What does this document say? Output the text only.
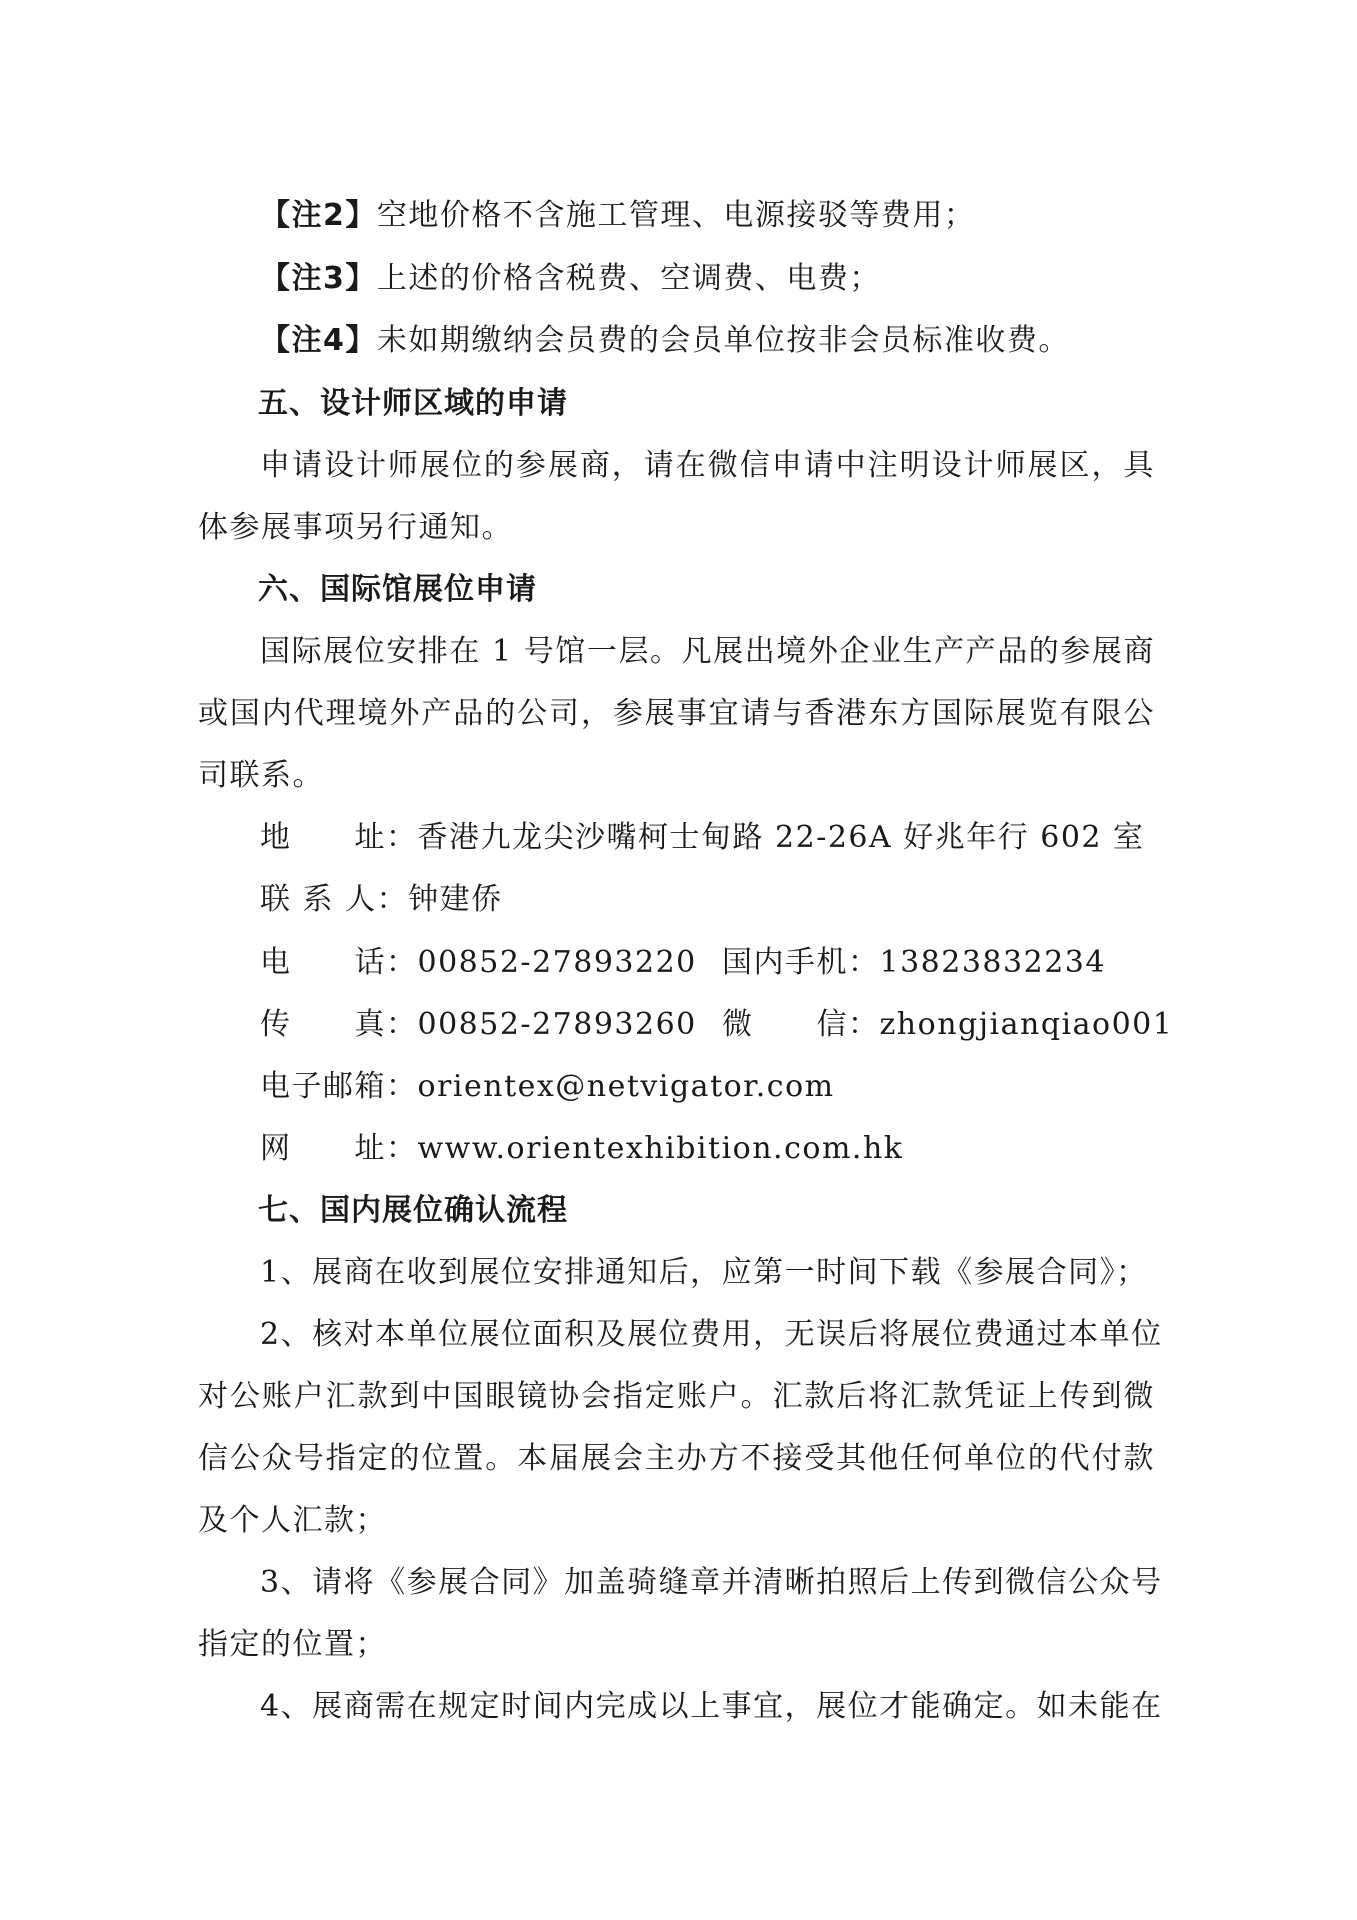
【注2】空地价格不含施工管理、电源接驳等费用；

【注3】上述的价格含税费、空调费、电费；

【注4】未如期缴纳会员费的会员单位按非会员标准收费。

五、设计师区域的申请

申请设计师展位的参展商，请在微信申请中注明设计师展区，具

体参展事项另行通知。

六、国际馆展位申请

国际展位安排在 1 号馆一层。凡展出境外企业生产产品的参展商

或国内代理境外产品的公司，参展事宜请与香港东方国际展览有限公

司联系。

地　　址：香港九龙尖沙嘴柯士甸路 22-26A 好兆年行 602 室

联 系 人：钟建侨

电　　话：00852-27893220 国内手机：13823832234

传　　真：00852-27893260 微　　信：zhongjianqiao001

电子邮箱：orientex@netvigator.com

网　　址：www.orientexhibition.com.hk

七、国内展位确认流程

1、展商在收到展位安排通知后，应第一时间下载《参展合同》；

2、核对本单位展位面积及展位费用，无误后将展位费通过本单位

对公账户汇款到中国眼镜协会指定账户。汇款后将汇款凭证上传到微

信公众号指定的位置。本届展会主办方不接受其他任何单位的代付款

及个人汇款；

3、请将《参展合同》加盖骑缝章并清晰拍照后上传到微信公众号

指定的位置；

4、展商需在规定时间内完成以上事宜，展位才能确定。如未能在
